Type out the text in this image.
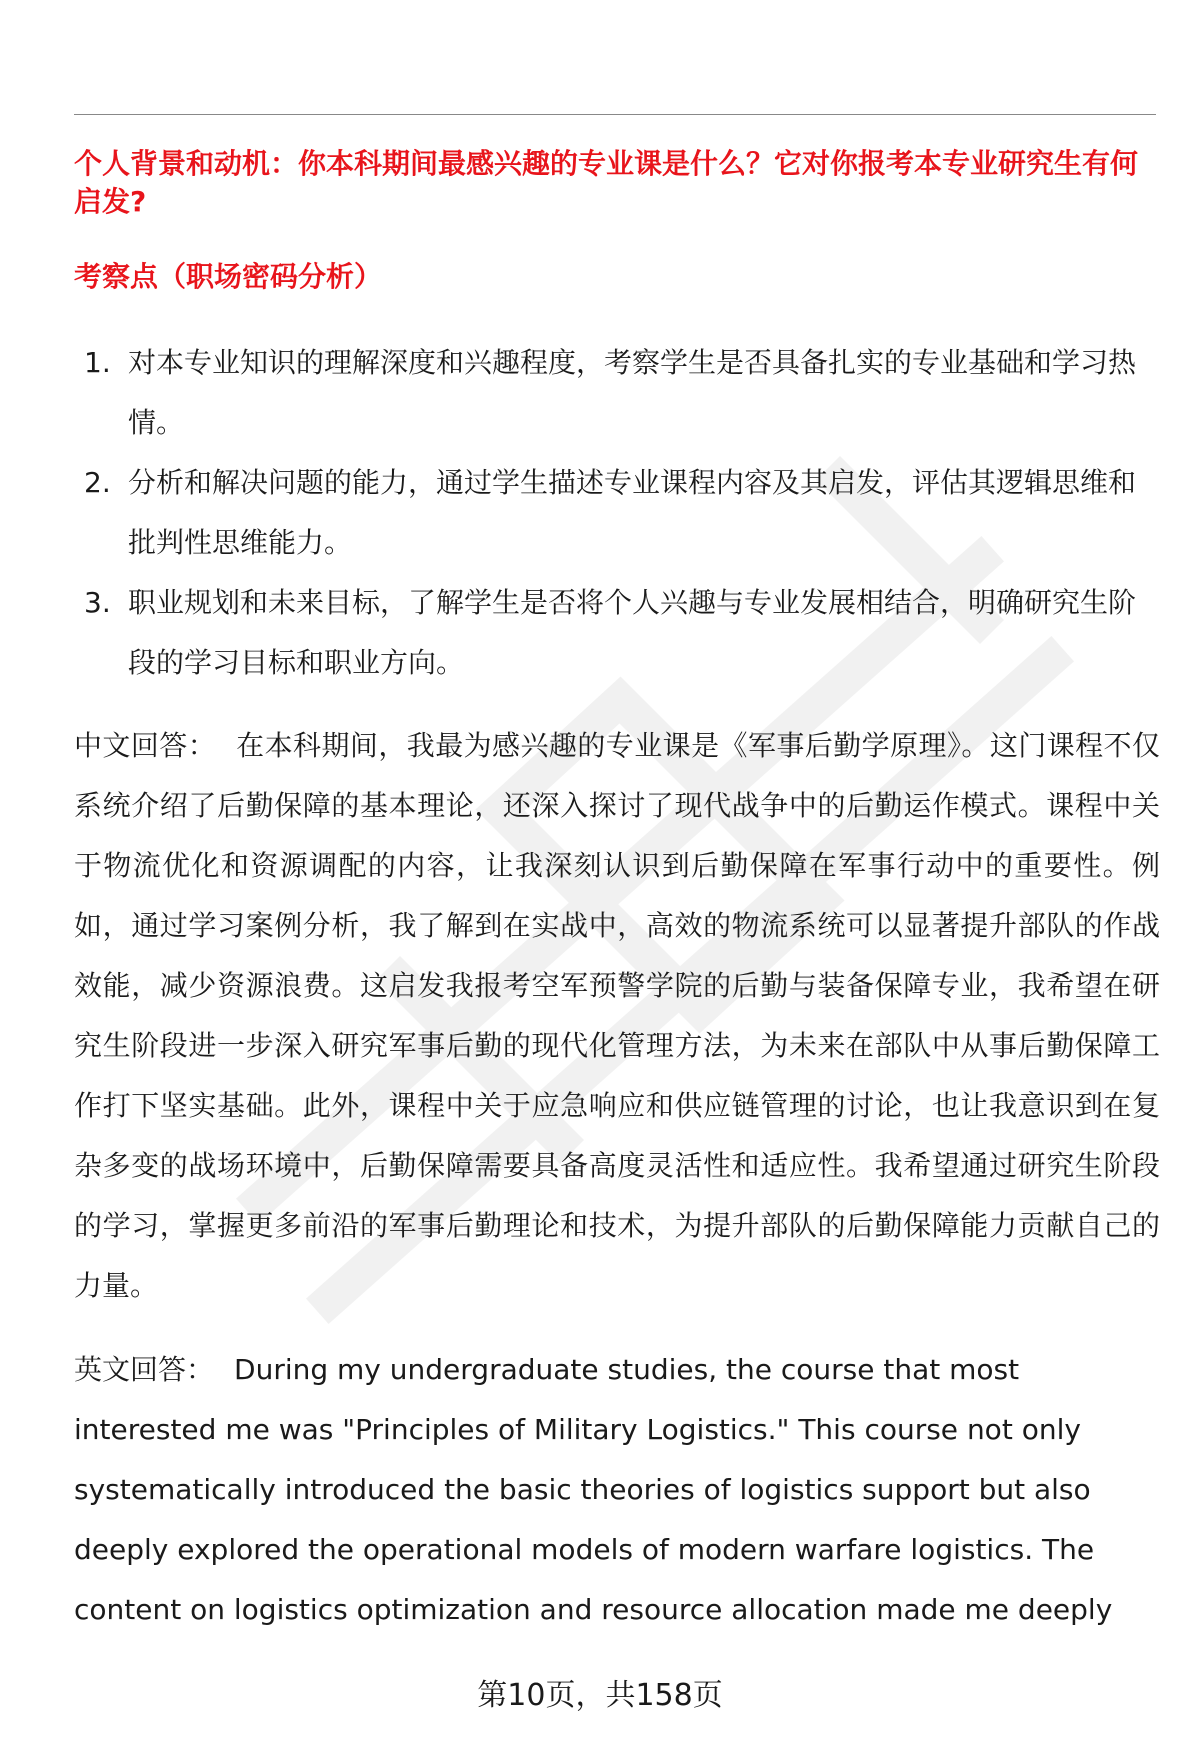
个人背景和动机：你本科期间最感兴趣的专业课是什么？它对你报考本专业研究生有何启发?

考察点（职场密码分析）

1. 对本专业知识的理解深度和兴趣程度，考察学生是否具备扎实的专业基础和学习热情。
2. 分析和解决问题的能力，通过学生描述专业课程内容及其启发，评估其逻辑思维和批判性思维能力。
3. 职业规划和未来目标，了解学生是否将个人兴趣与专业发展相结合，明确研究生阶段的学习目标和职业方向。

中文回答： 在本科期间，我最为感兴趣的专业课是《军事后勤学原理》。这门课程不仅系统介绍了后勤保障的基本理论，还深入探讨了现代战争中的后勤运作模式。课程中关于物流优化和资源调配的内容，让我深刻认识到后勤保障在军事行动中的重要性。例如，通过学习案例分析，我了解到在实战中，高效的物流系统可以显著提升部队的作战效能，减少资源浪费。这启发我报考空军预警学院的后勤与装备保障专业，我希望在研究生阶段进一步深入研究军事后勤的现代化管理方法，为未来在部队中从事后勤保障工作打下坚实基础。此外，课程中关于应急响应和供应链管理的讨论，也让我意识到在复杂多变的战场环境中，后勤保障需要具备高度灵活性和适应性。我希望通过研究生阶段的学习，掌握更多前沿的军事后勤理论和技术，为提升部队的后勤保障能力贡献自己的力量。

英文回答： During my undergraduate studies, the course that most interested me was "Principles of Military Logistics." This course not only systematically introduced the basic theories of logistics support but also deeply explored the operational models of modern warfare logistics. The content on logistics optimization and resource allocation made me deeply

第10页，共158页
